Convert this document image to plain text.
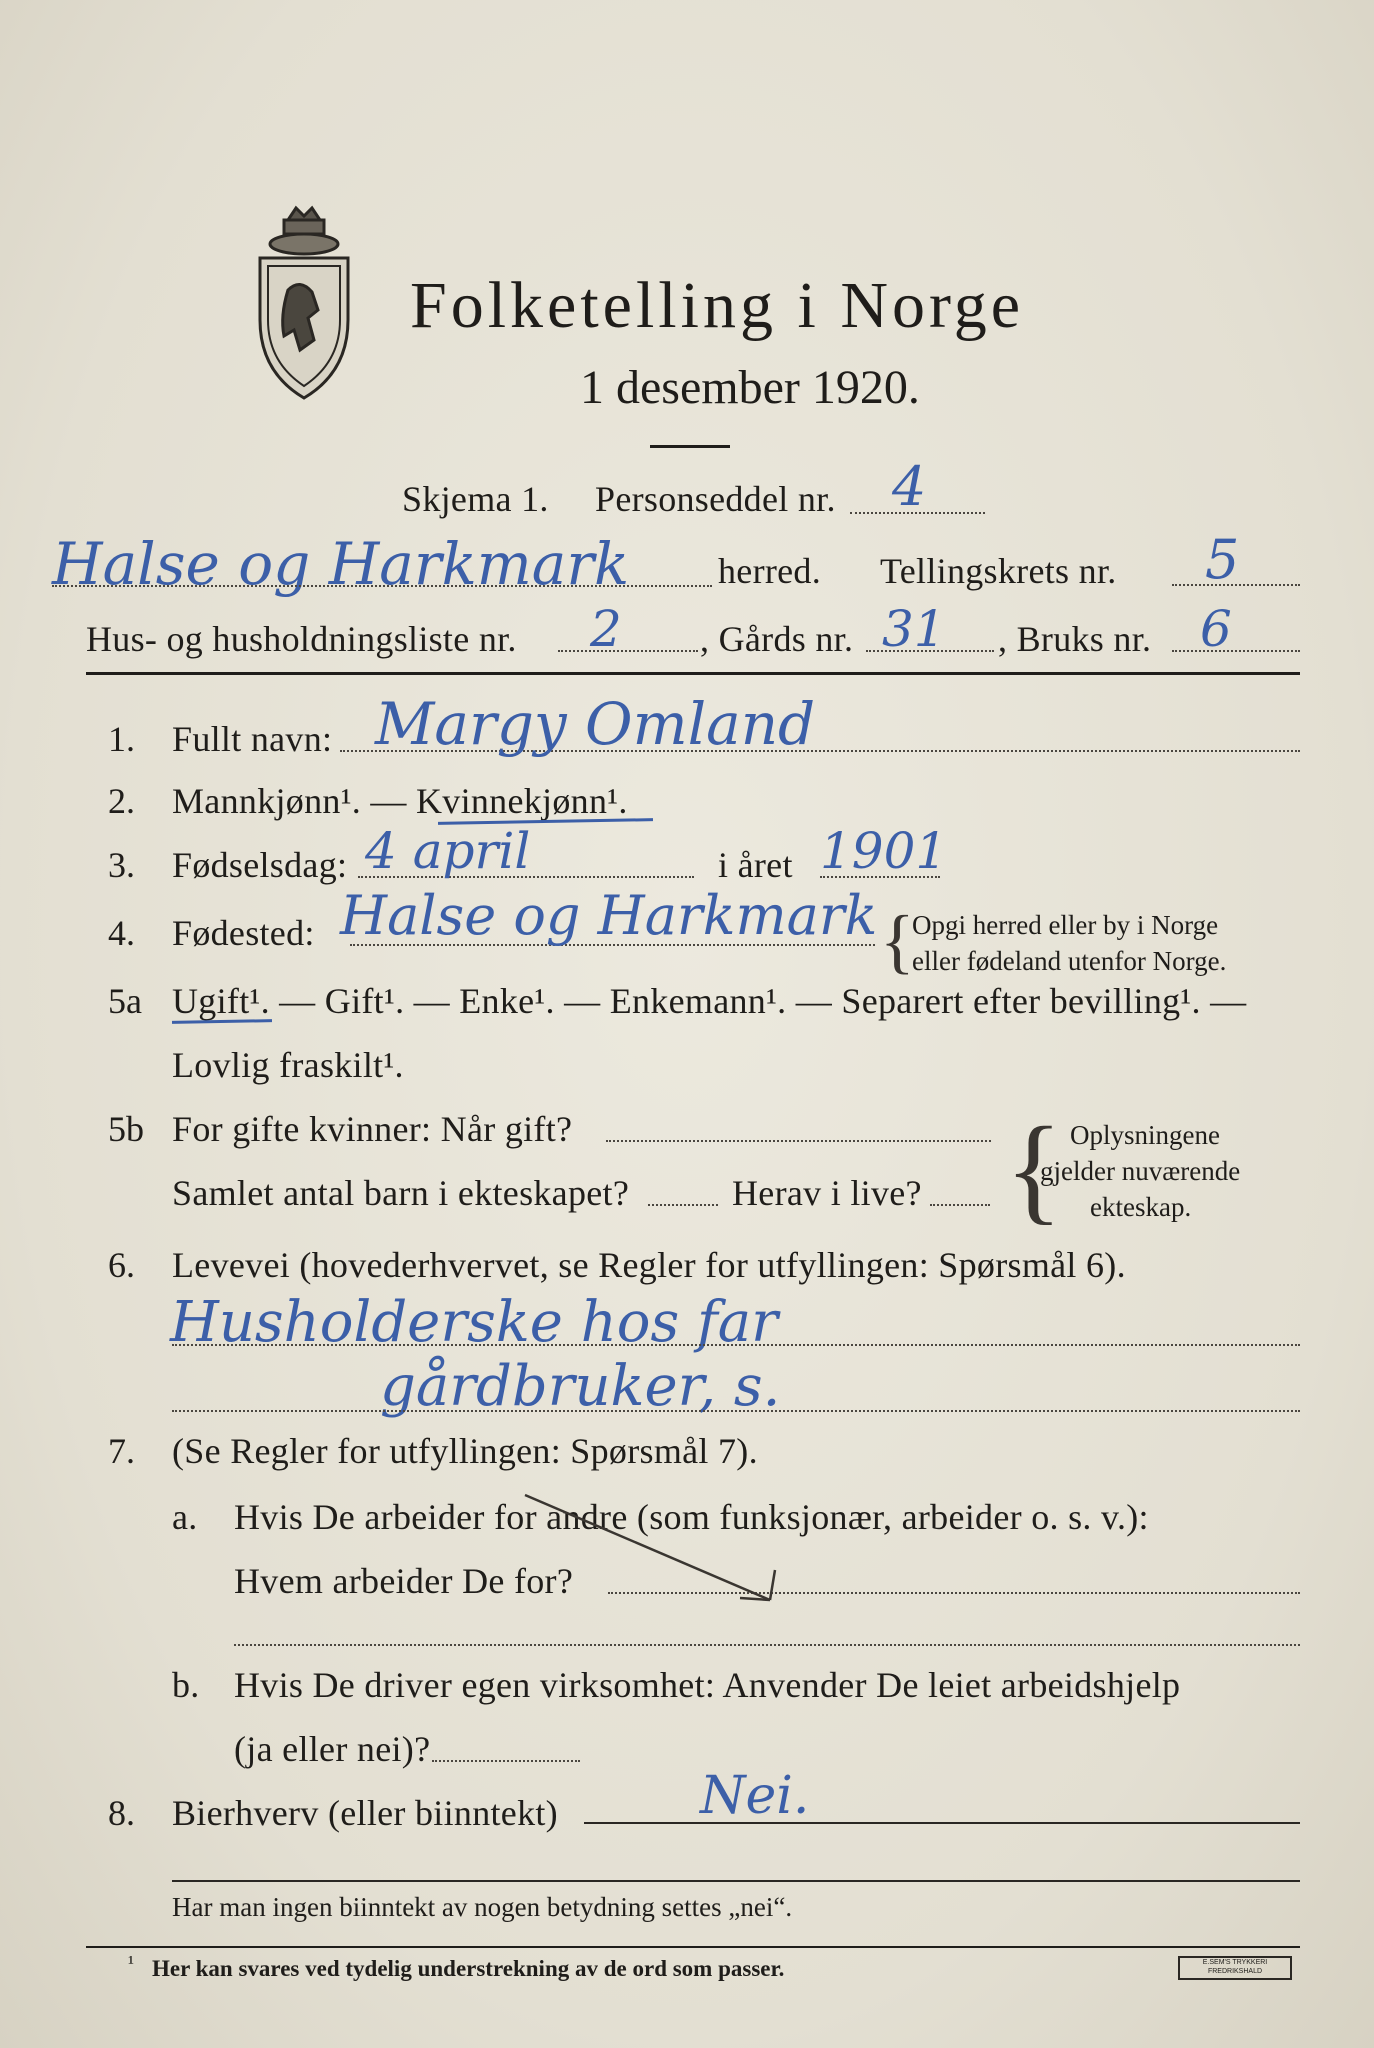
Folketelling i Norge
1 desember 1920.
Skjema 1. Personseddel nr. 4
Halse og Harkmark herred. Tellingskrets nr. 5
Hus- og husholdningsliste nr. 2 , Gårds nr. 31 , Bruks nr. 6
1. Fullt navn: Margy Omland
2. Mannkjønn¹. — Kvinnekjønn¹.
3. Fødselsdag: 4 april	i året 1901
4. Fødested: Halse og Harkmark {
Opgi herred eller by i Norge
eller fødeland utenfor Norge.
5a Ugift¹. — Gift¹. — Enke¹. — Enkemann¹. — Separert efter bevilling¹. —
Lovlig fraskilt¹.
5b For gifte kvinner: Når gift?
Samlet antal barn i ekteskapet?	Herav i live? { Oplysningene
gjelder nuværende
ekteskap.
6. Levevei (hovederhvervet, se Regler for utfyllingen: Spørsmål 6).
Husholderske hos far
gårdbruker, s.
7. (Se Regler for utfyllingen: Spørsmål 7).
a. Hvis De arbeider for andre (som funksjonær, arbeider o. s. v.):
Hvem arbeider De for?
b. Hvis De driver egen virksomhet: Anvender De leiet arbeidshjelp
(ja eller nei)?
8. Bierhverv (eller biinntekt)	Nei.
Har man ingen biinntekt av nogen betydning settes „nei“.
¹ Her kan svares ved tydelig understrekning av de ord som passer.	E.SEM'S TRYKKERI FREDRIKSHALD
